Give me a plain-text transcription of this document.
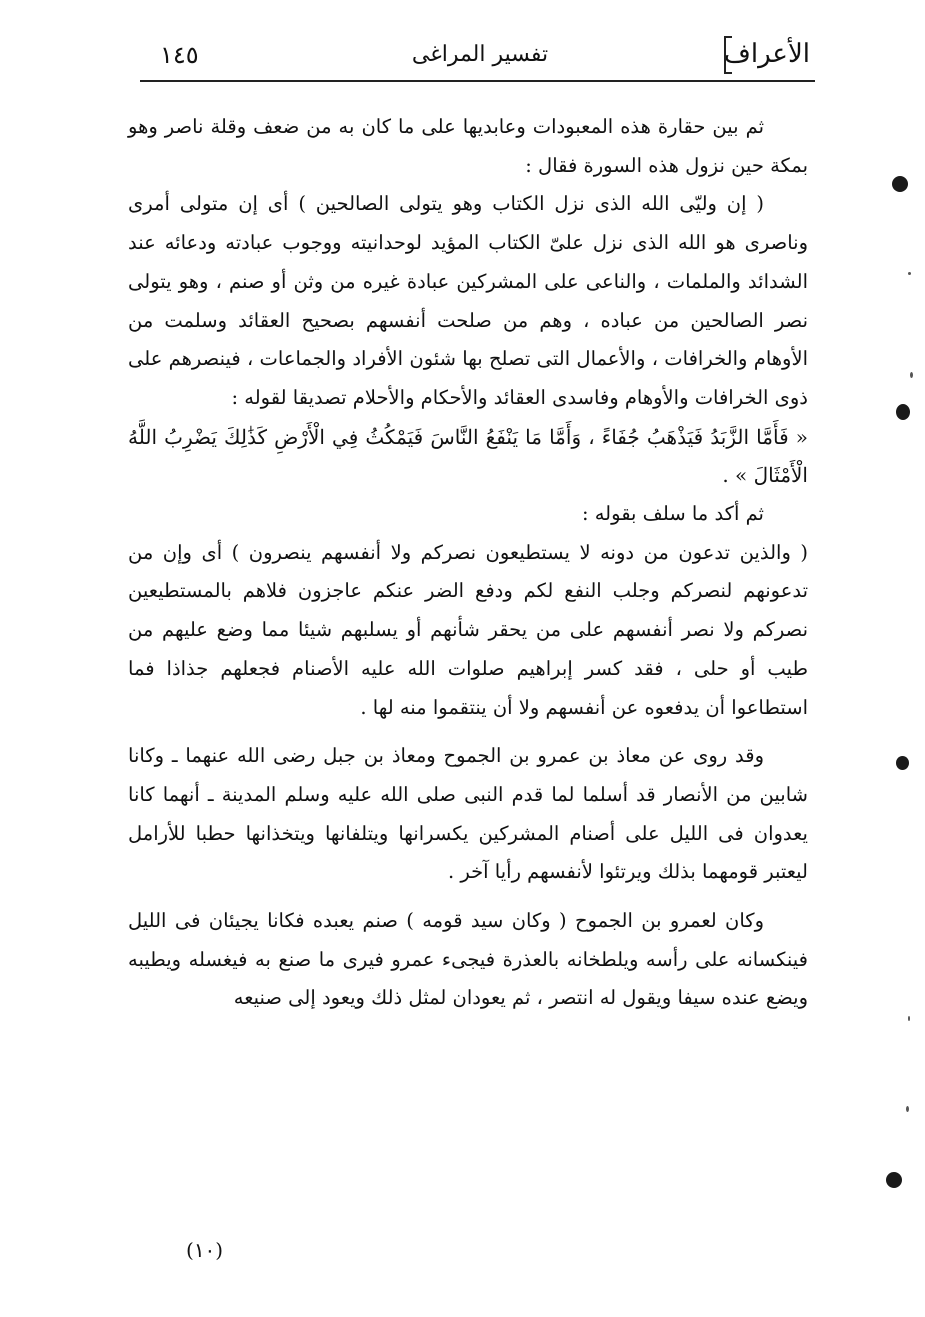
الأعراف
تفسير المراغى
١٤٥

ثم بين حقارة هذه المعبودات وعابديها على ما كان به من ضعف وقلة ناصر وهو بمكة حين نزول هذه السورة فقال :

( إن وليّى الله الذى نزل الكتاب وهو يتولى الصالحين ) أى إن متولى أمرى وناصرى هو الله الذى نزل علىّ الكتاب المؤيد لوحدانيته ووجوب عبادته ودعائه عند الشدائد والملمات ، والناعى على المشركين عبادة غيره من وثن أو صنم ، وهو يتولى نصر الصالحين من عباده ، وهم من صلحت أنفسهم بصحيح العقائد وسلمت من الأوهام والخرافات ، والأعمال التى تصلح بها شئون الأفراد والجماعات ، فينصرهم على ذوى الخرافات والأوهام وفاسدى العقائد والأحكام والأحلام تصديقا لقوله :

« فَأَمَّا الزَّبَدُ فَيَذْهَبُ جُفَاءً ، وَأَمَّا مَا يَنْفَعُ النَّاسَ فَيَمْكُثُ فِي الْأَرْضِ كَذَٰلِكَ يَضْرِبُ اللَّهُ الْأَمْثَالَ » .

ثم أكد ما سلف بقوله :

( والذين تدعون من دونه لا يستطيعون نصركم ولا أنفسهم ينصرون ) أى وإن من تدعونهم لنصركم وجلب النفع لكم ودفع الضر عنكم عاجزون فلاهم بالمستطيعين نصركم ولا نصر أنفسهم على من يحقر شأنهم أو يسلبهم شيئا مما وضع عليهم من طيب أو حلى ، فقد كسر إبراهيم صلوات الله عليه الأصنام فجعلهم جذاذا فما استطاعوا أن يدفعوه عن أنفسهم ولا أن ينتقموا منه لها .

وقد روى عن معاذ بن عمرو بن الجموح ومعاذ بن جبل رضى الله عنهما ـ وكانا شابين من الأنصار قد أسلما لما قدم النبى صلى الله عليه وسلم المدينة ـ أنهما كانا يعدوان فى الليل على أصنام المشركين يكسرانها ويتلفانها ويتخذانها حطبا للأرامل ليعتبر قومهما بذلك ويرتئوا لأنفسهم رأيا آخر .

وكان لعمرو بن الجموح ( وكان سيد قومه ) صنم يعبده فكانا يجيئان فى الليل فينكسانه على رأسه ويلطخانه بالعذرة فيجىء عمرو فيرى ما صنع به فيغسله ويطيبه ويضع عنده سيفا ويقول له انتصر ، ثم يعودان لمثل ذلك ويعود إلى صنيعه

(١٠)
